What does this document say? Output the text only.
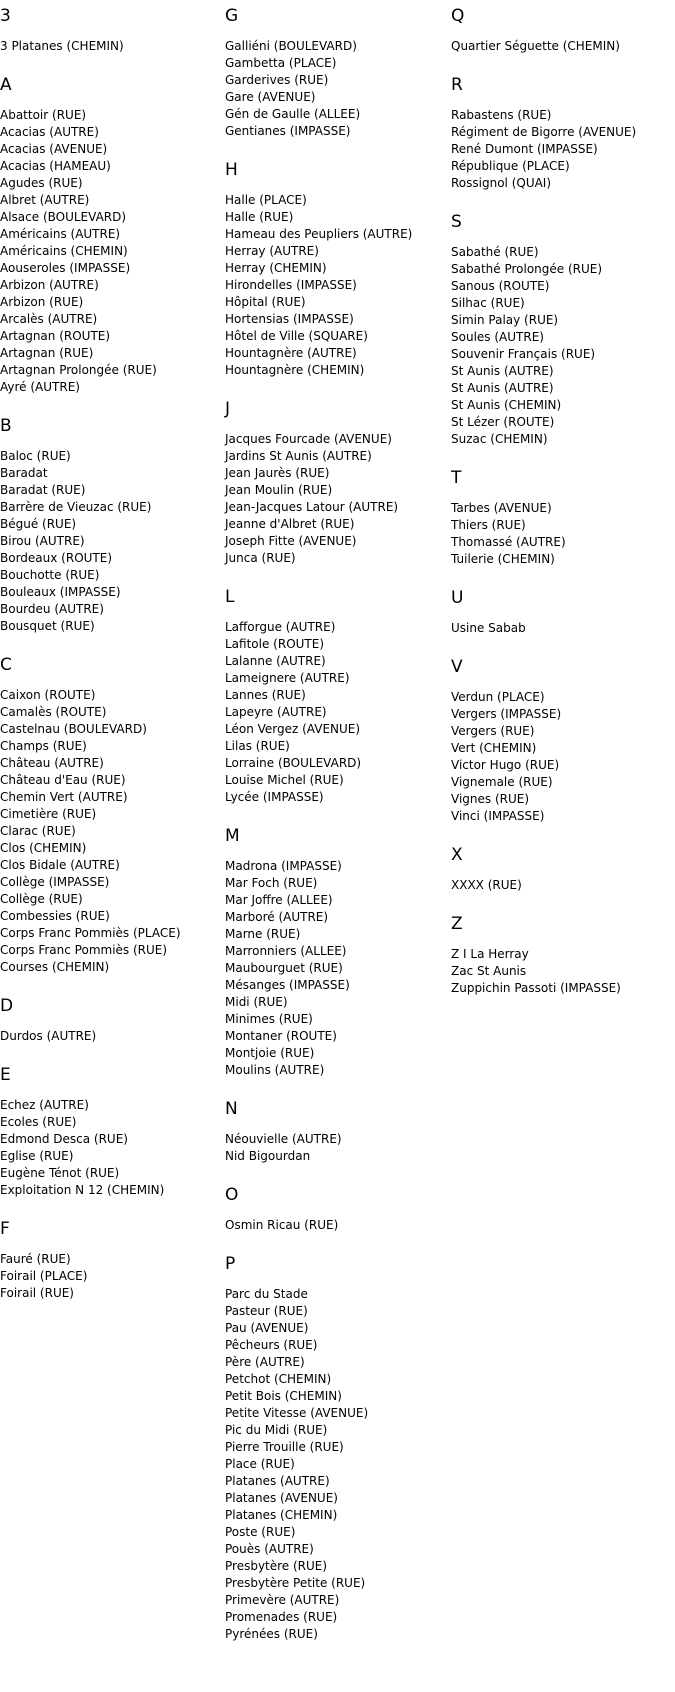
3
3 Platanes (CHEMIN)
A
Abattoir (RUE)
Acacias (AUTRE)
Acacias (AVENUE)
Acacias (HAMEAU)
Agudes (RUE)
Albret (AUTRE)
Alsace (BOULEVARD)
Américains (AUTRE)
Américains (CHEMIN)
Aouseroles (IMPASSE)
Arbizon (AUTRE)
Arbizon (RUE)
Arcalès (AUTRE)
Artagnan (ROUTE)
Artagnan (RUE)
Artagnan Prolongée (RUE)
Ayré (AUTRE)
B
Baloc (RUE)
Baradat
Baradat (RUE)
Barrère de Vieuzac (RUE)
Bégué (RUE)
Birou (AUTRE)
Bordeaux (ROUTE)
Bouchotte (RUE)
Bouleaux (IMPASSE)
Bourdeu (AUTRE)
Bousquet (RUE)
C
Caixon (ROUTE)
Camalès (ROUTE)
Castelnau (BOULEVARD)
Champs (RUE)
Château (AUTRE)
Château d'Eau (RUE)
Chemin Vert (AUTRE)
Cimetière (RUE)
Clarac (RUE)
Clos (CHEMIN)
Clos Bidale (AUTRE)
Collège (IMPASSE)
Collège (RUE)
Combessies (RUE)
Corps Franc Pommiès (PLACE)
Corps Franc Pommiès (RUE)
Courses (CHEMIN)
D
Durdos (AUTRE)
E
Echez (AUTRE)
Ecoles (RUE)
Edmond Desca (RUE)
Eglise (RUE)
Eugène Ténot (RUE)
Exploitation N 12 (CHEMIN)
F
Fauré (RUE)
Foirail (PLACE)
Foirail (RUE)
G
Galliéni (BOULEVARD)
Gambetta (PLACE)
Garderives (RUE)
Gare (AVENUE)
Gén de Gaulle (ALLEE)
Gentianes (IMPASSE)
H
Halle (PLACE)
Halle (RUE)
Hameau des Peupliers (AUTRE)
Herray (AUTRE)
Herray (CHEMIN)
Hirondelles (IMPASSE)
Hôpital (RUE)
Hortensias (IMPASSE)
Hôtel de Ville (SQUARE)
Hountagnère (AUTRE)
Hountagnère (CHEMIN)
J
Jacques Fourcade (AVENUE)
Jardins St Aunis (AUTRE)
Jean Jaurès (RUE)
Jean Moulin (RUE)
Jean-Jacques Latour (AUTRE)
Jeanne d'Albret (RUE)
Joseph Fitte (AVENUE)
Junca (RUE)
L
Lafforgue (AUTRE)
Lafitole (ROUTE)
Lalanne (AUTRE)
Lameignere (AUTRE)
Lannes (RUE)
Lapeyre (AUTRE)
Léon Vergez (AVENUE)
Lilas (RUE)
Lorraine (BOULEVARD)
Louise Michel (RUE)
Lycée (IMPASSE)
M
Madrona (IMPASSE)
Mar Foch (RUE)
Mar Joffre (ALLEE)
Marboré (AUTRE)
Marne (RUE)
Marronniers (ALLEE)
Maubourguet (RUE)
Mésanges (IMPASSE)
Midi (RUE)
Minimes (RUE)
Montaner (ROUTE)
Montjoie (RUE)
Moulins (AUTRE)
N
Néouvielle (AUTRE)
Nid Bigourdan
O
Osmin Ricau (RUE)
P
Parc du Stade
Pasteur (RUE)
Pau (AVENUE)
Pêcheurs (RUE)
Père (AUTRE)
Petchot (CHEMIN)
Petit Bois (CHEMIN)
Petite Vitesse (AVENUE)
Pic du Midi (RUE)
Pierre Trouille (RUE)
Place (RUE)
Platanes (AUTRE)
Platanes (AVENUE)
Platanes (CHEMIN)
Poste (RUE)
Pouès (AUTRE)
Presbytère (RUE)
Presbytère Petite (RUE)
Primevère (AUTRE)
Promenades (RUE)
Pyrénées (RUE)
Q
Quartier Séguette (CHEMIN)
R
Rabastens (RUE)
Régiment de Bigorre (AVENUE)
René Dumont (IMPASSE)
République (PLACE)
Rossignol (QUAI)
S
Sabathé (RUE)
Sabathé Prolongée (RUE)
Sanous (ROUTE)
Silhac (RUE)
Simin Palay (RUE)
Soules (AUTRE)
Souvenir Français (RUE)
St Aunis (AUTRE)
St Aunis (AUTRE)
St Aunis (CHEMIN)
St Lézer (ROUTE)
Suzac (CHEMIN)
T
Tarbes (AVENUE)
Thiers (RUE)
Thomassé (AUTRE)
Tuilerie (CHEMIN)
U
Usine Sabab
V
Verdun (PLACE)
Vergers (IMPASSE)
Vergers (RUE)
Vert (CHEMIN)
Victor Hugo (RUE)
Vignemale (RUE)
Vignes (RUE)
Vinci (IMPASSE)
X
XXXX (RUE)
Z
Z I La Herray
Zac St Aunis
Zuppichin Passoti (IMPASSE)
